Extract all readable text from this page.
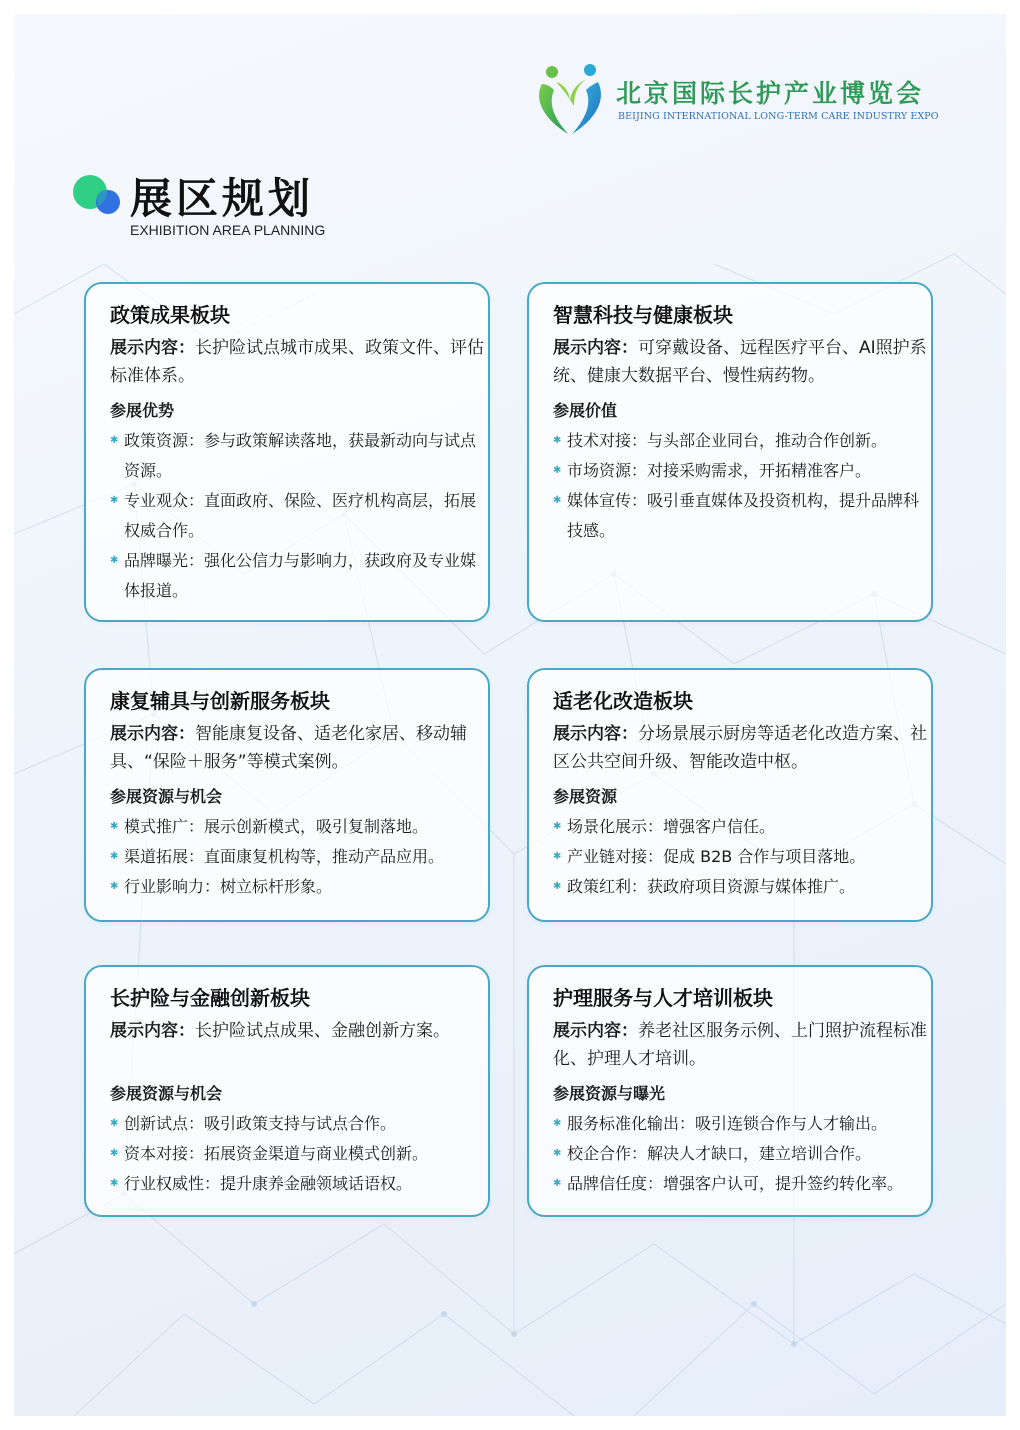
北京国际长护产业博览会
BEIJING INTERNATIONAL LONG-TERM CARE INDUSTRY EXPO
展区规划
EXHIBITION AREA PLANNING
政策成果板块
展示内容：长护险试点城市成果、政策文件、评估标准体系。
参展优势
✱ 政策资源：参与政策解读落地，获最新动向与试点资源。
✱ 专业观众：直面政府、保险、医疗机构高层，拓展权威合作。
✱ 品牌曝光：强化公信力与影响力，获政府及专业媒体报道。
智慧科技与健康板块
展示内容：可穿戴设备、远程医疗平台、AI照护系统、健康大数据平台、慢性病药物。
参展价值
✱ 技术对接：与头部企业同台，推动合作创新。
✱ 市场资源：对接采购需求，开拓精准客户。
✱ 媒体宣传：吸引垂直媒体及投资机构，提升品牌科技感。
康复辅具与创新服务板块
展示内容：智能康复设备、适老化家居、移动辅具、“保险＋服务”等模式案例。
参展资源与机会
✱ 模式推广：展示创新模式，吸引复制落地。
✱ 渠道拓展：直面康复机构等，推动产品应用。
✱ 行业影响力：树立标杆形象。
适老化改造板块
展示内容：分场景展示厨房等适老化改造方案、社区公共空间升级、智能改造中枢。
参展资源
✱ 场景化展示：增强客户信任。
✱ 产业链对接：促成 B2B 合作与项目落地。
✱ 政策红利：获政府项目资源与媒体推广。
长护险与金融创新板块
展示内容：长护险试点成果、金融创新方案。
参展资源与机会
✱ 创新试点：吸引政策支持与试点合作。
✱ 资本对接：拓展资金渠道与商业模式创新。
✱ 行业权威性：提升康养金融领域话语权。
护理服务与人才培训板块
展示内容：养老社区服务示例、上门照护流程标准化、护理人才培训。
参展资源与曝光
✱ 服务标准化输出：吸引连锁合作与人才输出。
✱ 校企合作：解决人才缺口，建立培训合作。
✱ 品牌信任度：增强客户认可，提升签约转化率。
